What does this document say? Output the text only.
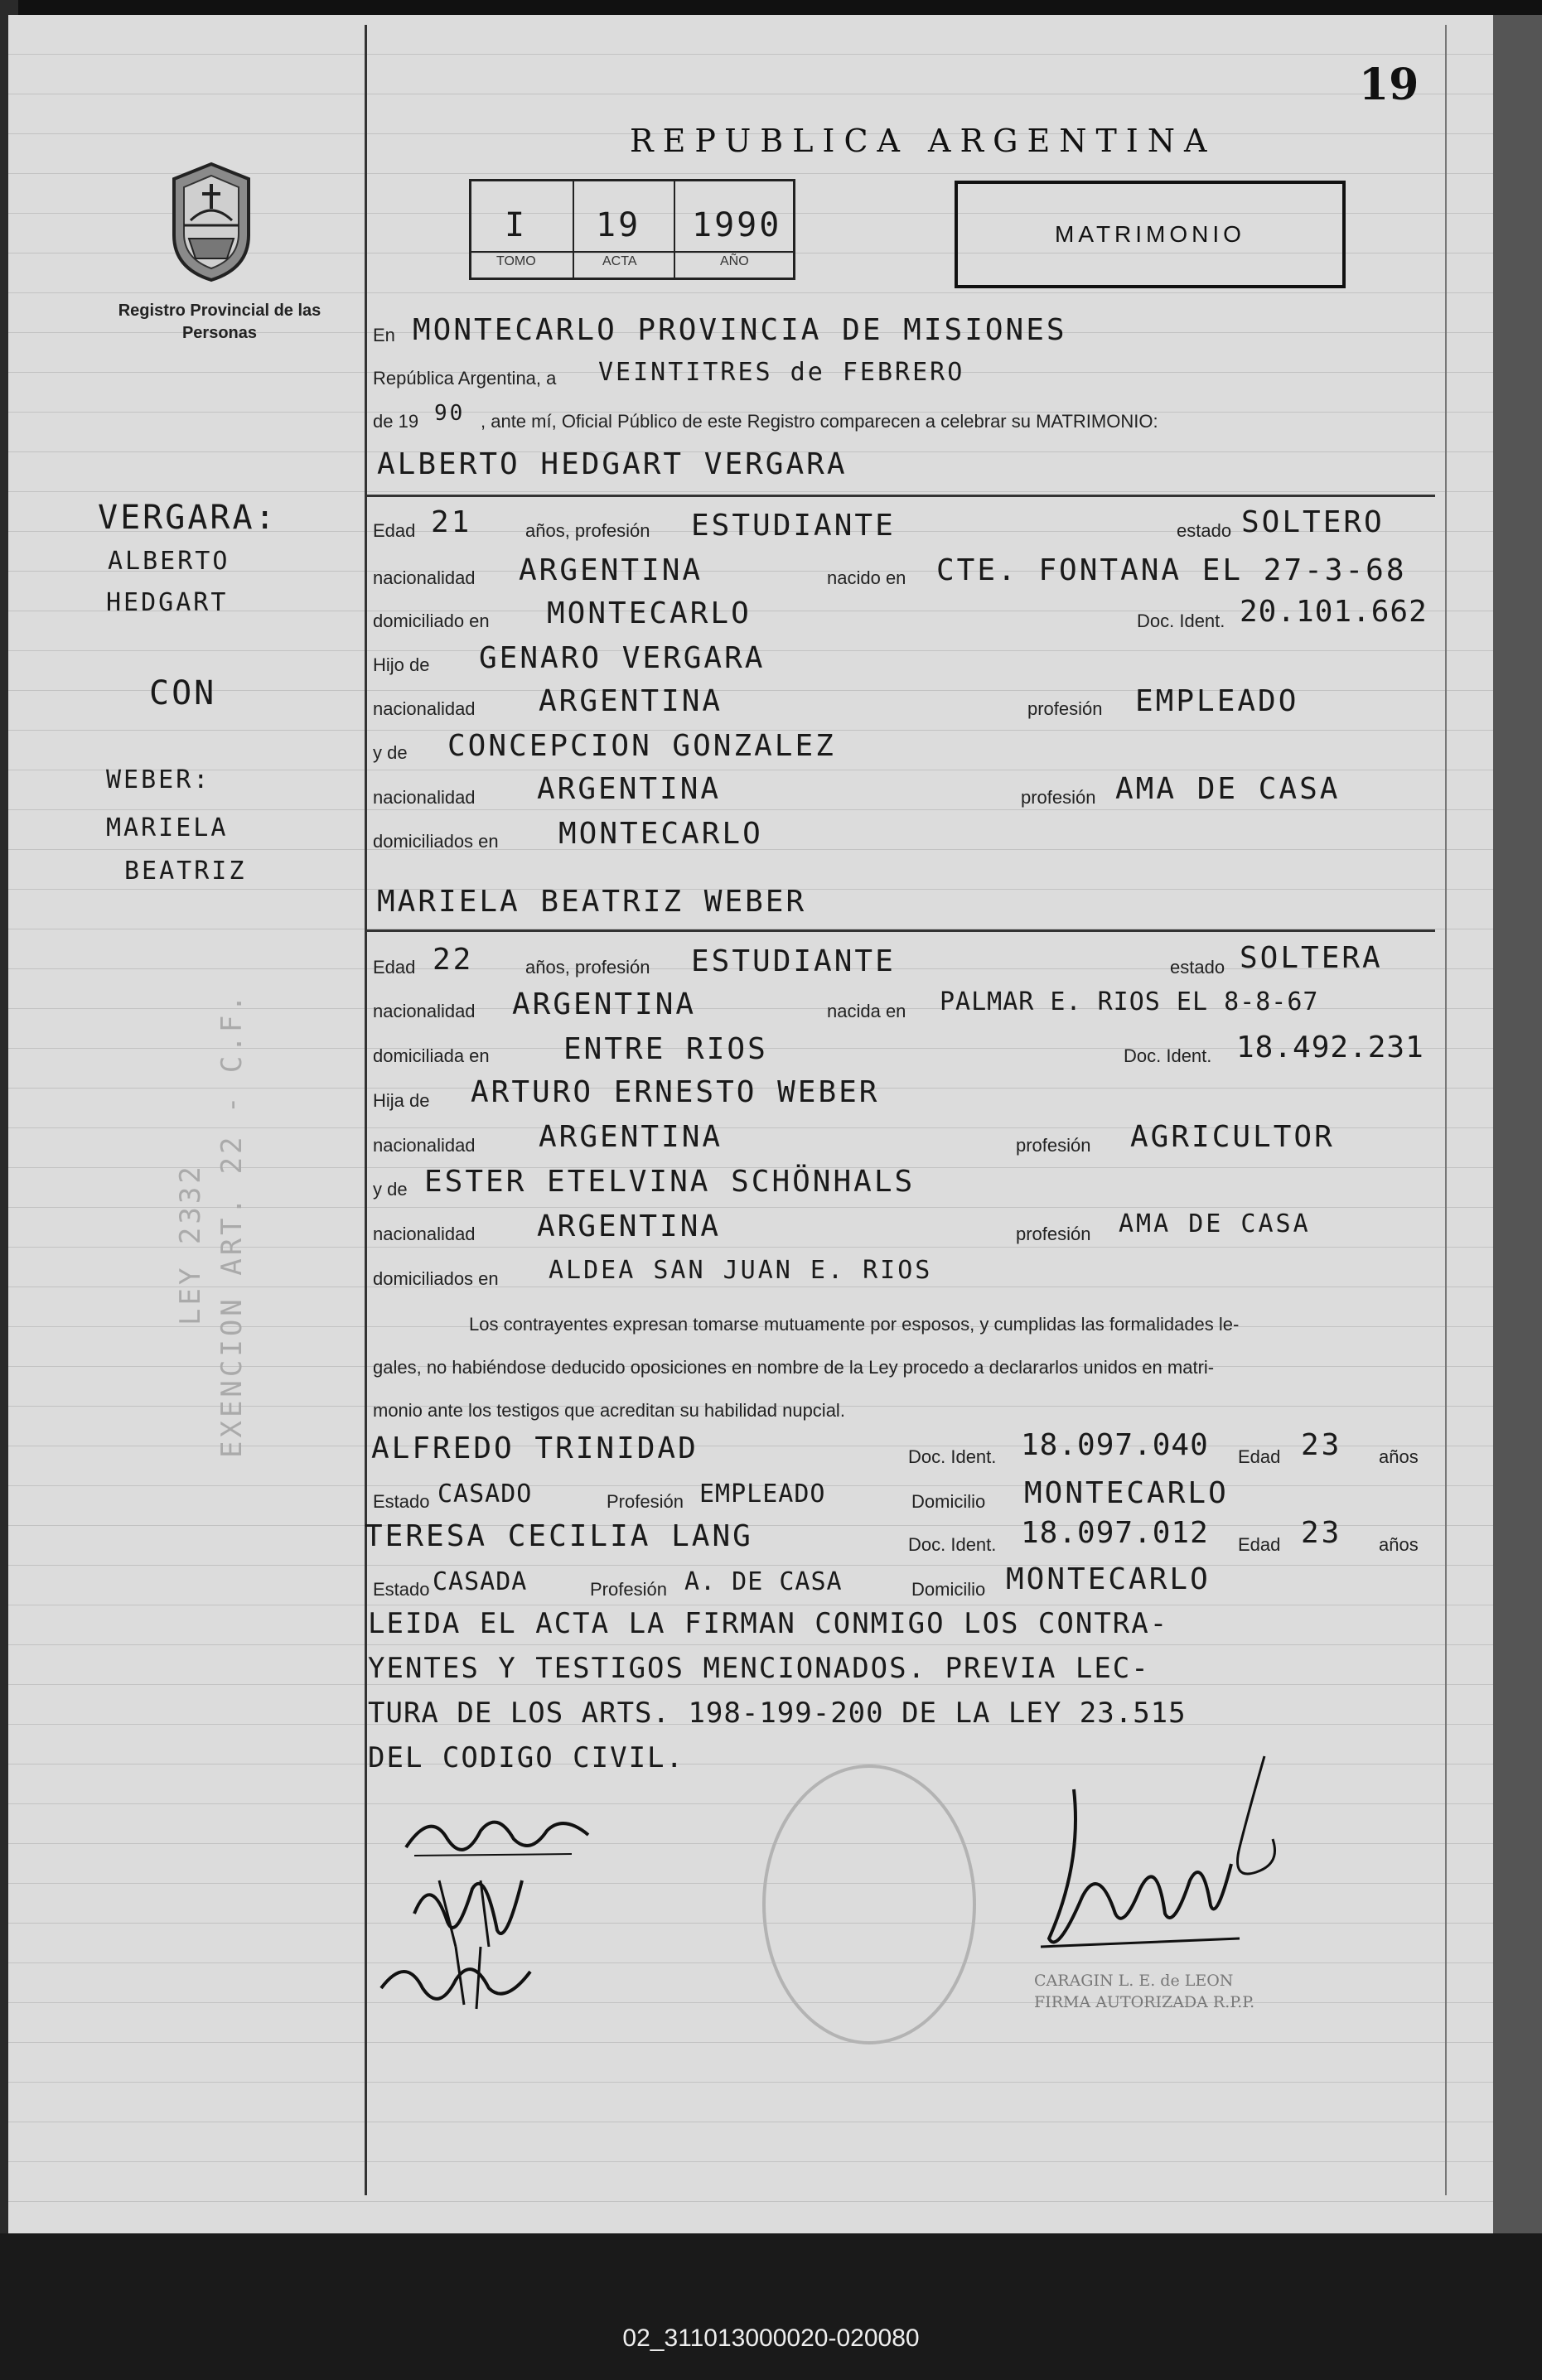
19
REPUBLICA ARGENTINA
Registro Provincial de las Personas
I
TOMO
19
ACTA
1990
AÑO
MATRIMONIO
VERGARA:
ALBERTO
HEDGART
CON
WEBER:
MARIELA
BEATRIZ
LEY 2332 EXENCION ART. 22 - C.F.
En MONTECARLO PROVINCIA DE MISIONES
República Argentina, a VEINTITRES de FEBRERO
de 19 90 , ante mí, Oficial Público de este Registro comparecen a celebrar su MATRIMONIO:
ALBERTO HEDGART VERGARA
Edad 21	años, profesión ESTUDIANTE	estado SOLTERO
nacionalidad ARGENTINA	nacido en CTE. FONTANA EL 27-3-68
domiciliado en MONTECARLO	Doc. Ident. 20.101.662
Hijo de GENARO VERGARA
nacionalidad ARGENTINA	profesión EMPLEADO
y de CONCEPCION GONZALEZ
nacionalidad ARGENTINA	profesión AMA DE CASA
domiciliados en MONTECARLO
MARIELA BEATRIZ WEBER
Edad 22	años, profesión ESTUDIANTE	estado SOLTERA
nacionalidad ARGENTINA	nacida en PALMAR E. RIOS EL 8-8-67
domiciliada en ENTRE RIOS	Doc. Ident. 18.492.231
Hija de ARTURO ERNESTO WEBER
nacionalidad ARGENTINA	profesión AGRICULTOR
y de ESTER ETELVINA SCHÖNHALS
nacionalidad ARGENTINA	profesión AMA DE CASA
domiciliados en ALDEA SAN JUAN E. RIOS
Los contrayentes expresan tomarse mutuamente por esposos, y cumplidas las formalidades le-
gales, no habiéndose deducido oposiciones en nombre de la Ley procedo a declararlos unidos en matri-
monio ante los testigos que acreditan su habilidad nupcial.
ALFREDO TRINIDAD	Doc. Ident. 18.097.040 Edad 23 años
Estado CASADO	Profesión EMPLEADO	Domicilio MONTECARLO
TERESA CECILIA LANG	Doc. Ident. 18.097.012 Edad 23 años
Estado CASADA	Profesión A. DE CASA	Domicilio MONTECARLO
LEIDA EL ACTA LA FIRMAN CONMIGO LOS CONTRA-
YENTES Y TESTIGOS MENCIONADOS. PREVIA LEC-
TURA DE LOS ARTS. 198-199-200 DE LA LEY 23.515
DEL CODIGO CIVIL.
CARAGIN L. E. de LEON
FIRMA AUTORIZADA R.P.P.
02_311013000020-020080
